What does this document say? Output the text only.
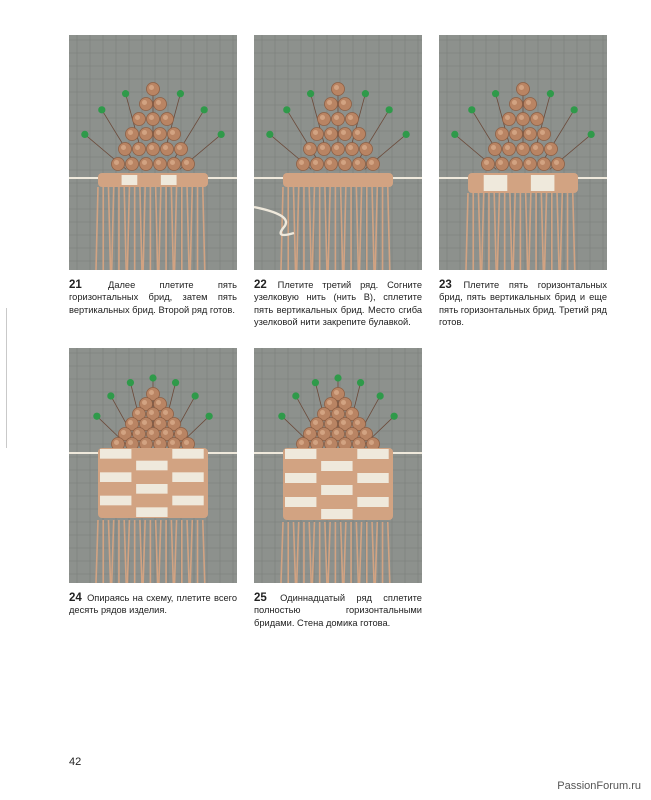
21	Далее плетите пять горизонтальных брид, затем пять вертикальных брид. Второй ряд готов.
22 Плетите третий ряд. Согните узелковую нить (нить В), сплетите пять вертикальных брид. Место сгиба узелковой нити закрепите булавкой.
23 Плетите пять горизонтальных брид, пять вертикальных брид и еще пять горизонтальных брид. Третий ряд готов.
24 Опираясь на схему, плетите всего десять рядов изделия.
25 Одиннадцатый ряд сплетите полностью горизонтальными бридами. Стена домика готова.
42
PassionForum.ru
